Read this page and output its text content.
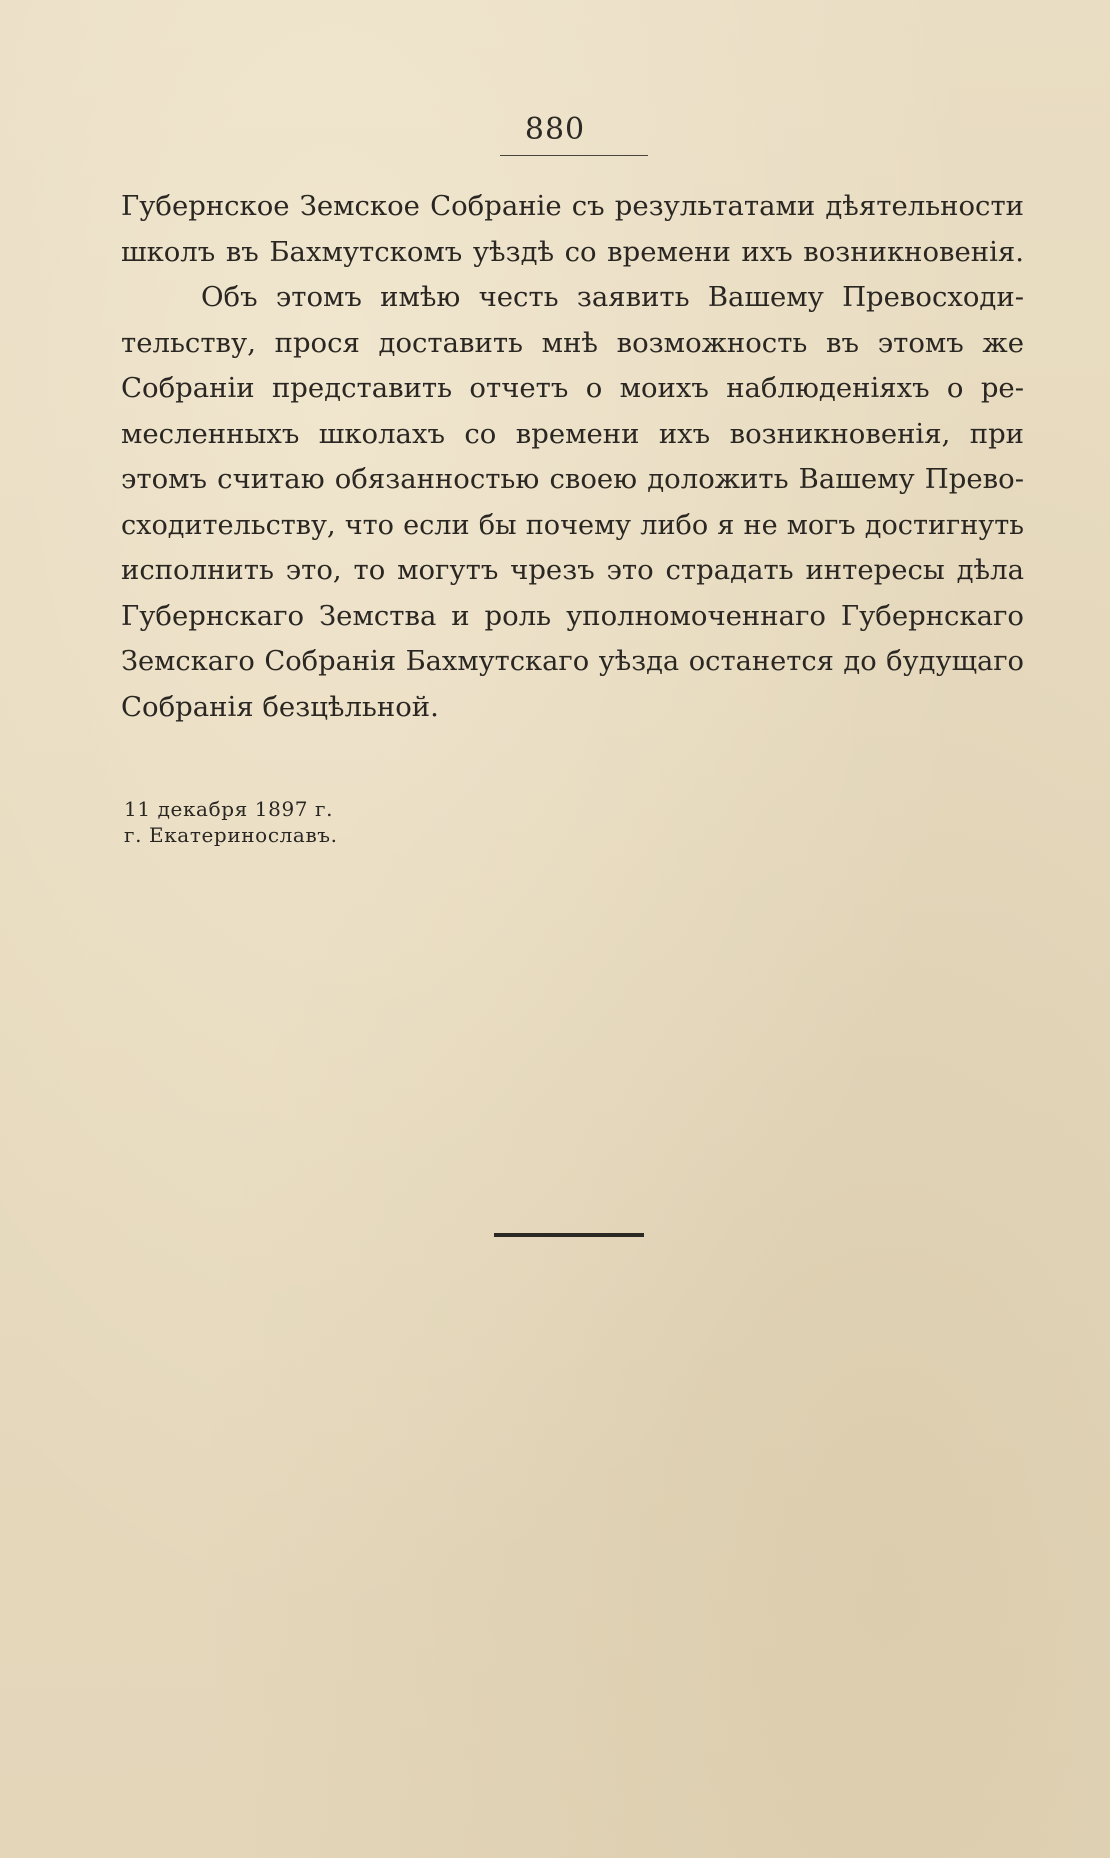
880
Губернское Земское Собраніе съ результатами дѣятельности
школъ въ Бахмутскомъ уѣздѣ со времени ихъ возникновенія.
Объ этомъ имѣю честь заявить Вашему Превосходи-
тельству, прося доставить мнѣ возможность въ этомъ же
Собраніи представить отчетъ о моихъ наблюденіяхъ о ре-
месленныхъ школахъ со времени ихъ возникновенія, при
этомъ считаю обязанностью своею доложить Вашему Прево-
сходительству, что если бы почему либо я не могъ достигнуть
исполнить это, то могутъ чрезъ это страдать интересы дѣла
Губернскаго Земства и роль уполномоченнаго Губернскаго
Земскаго Собранія Бахмутскаго уѣзда останется до будущаго
Собранія безцѣльной.
11 декабря 1897 г.
г. Екатеринославъ.
